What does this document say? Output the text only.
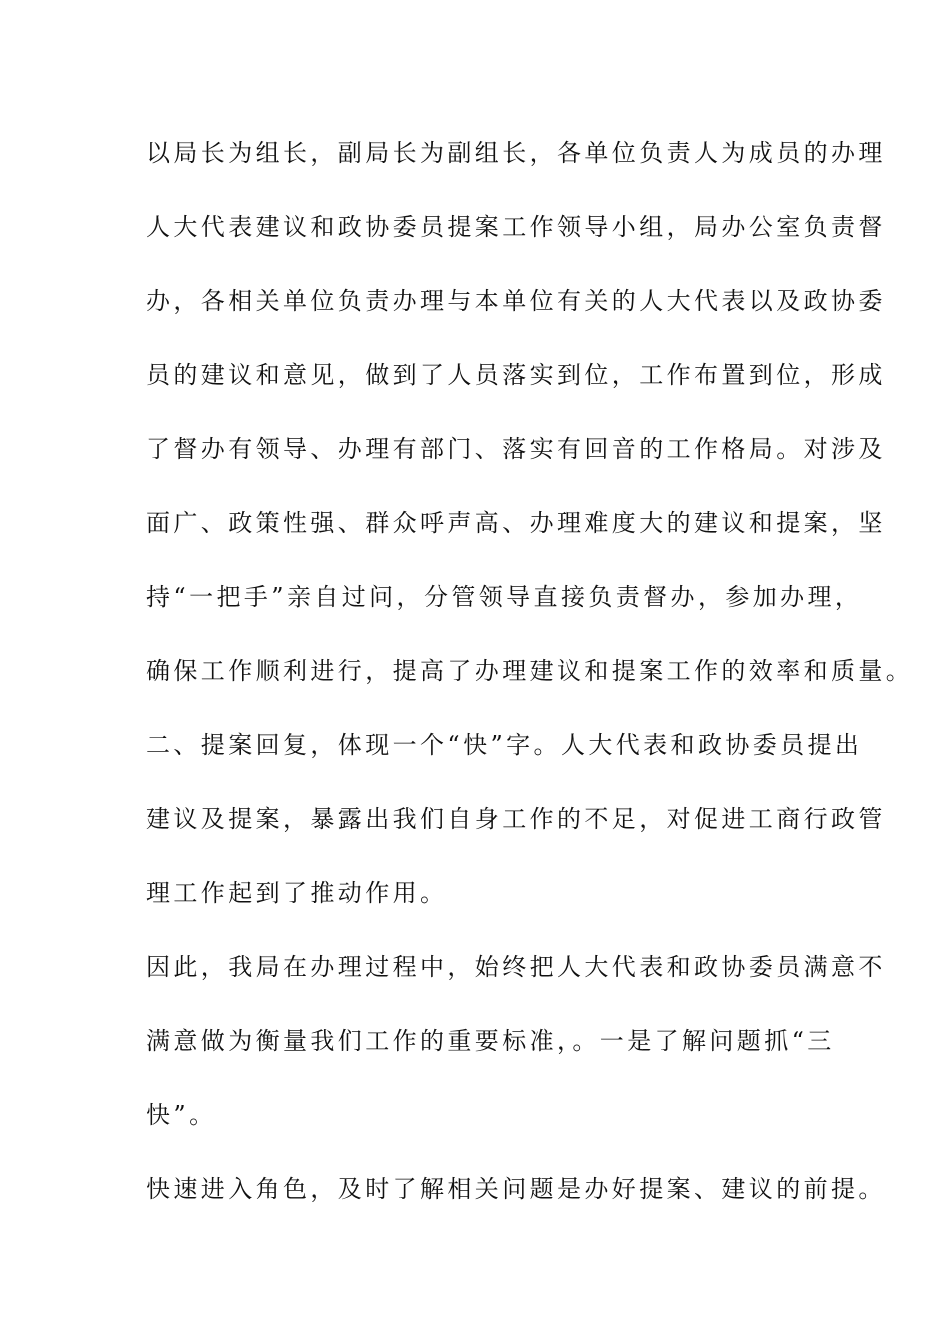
以局长为组长，副局长为副组长，各单位负责人为成员的办理
人大代表建议和政协委员提案工作领导小组，局办公室负责督
办，各相关单位负责办理与本单位有关的人大代表以及政协委
员的建议和意见，做到了人员落实到位，工作布置到位，形成
了督办有领导、办理有部门、落实有回音的工作格局。对涉及
面广、政策性强、群众呼声高、办理难度大的建议和提案，坚
持“一把手”亲自过问，分管领导直接负责督办，参加办理，
确保工作顺利进行，提高了办理建议和提案工作的效率和质量。
二、提案回复，体现一个“快”字。人大代表和政协委员提出
建议及提案，暴露出我们自身工作的不足，对促进工商行政管
理工作起到了推动作用。
因此，我局在办理过程中，始终把人大代表和政协委员满意不
满意做为衡量我们工作的重要标准，。一是了解问题抓“三
快”。
快速进入角色，及时了解相关问题是办好提案、建议的前提。
